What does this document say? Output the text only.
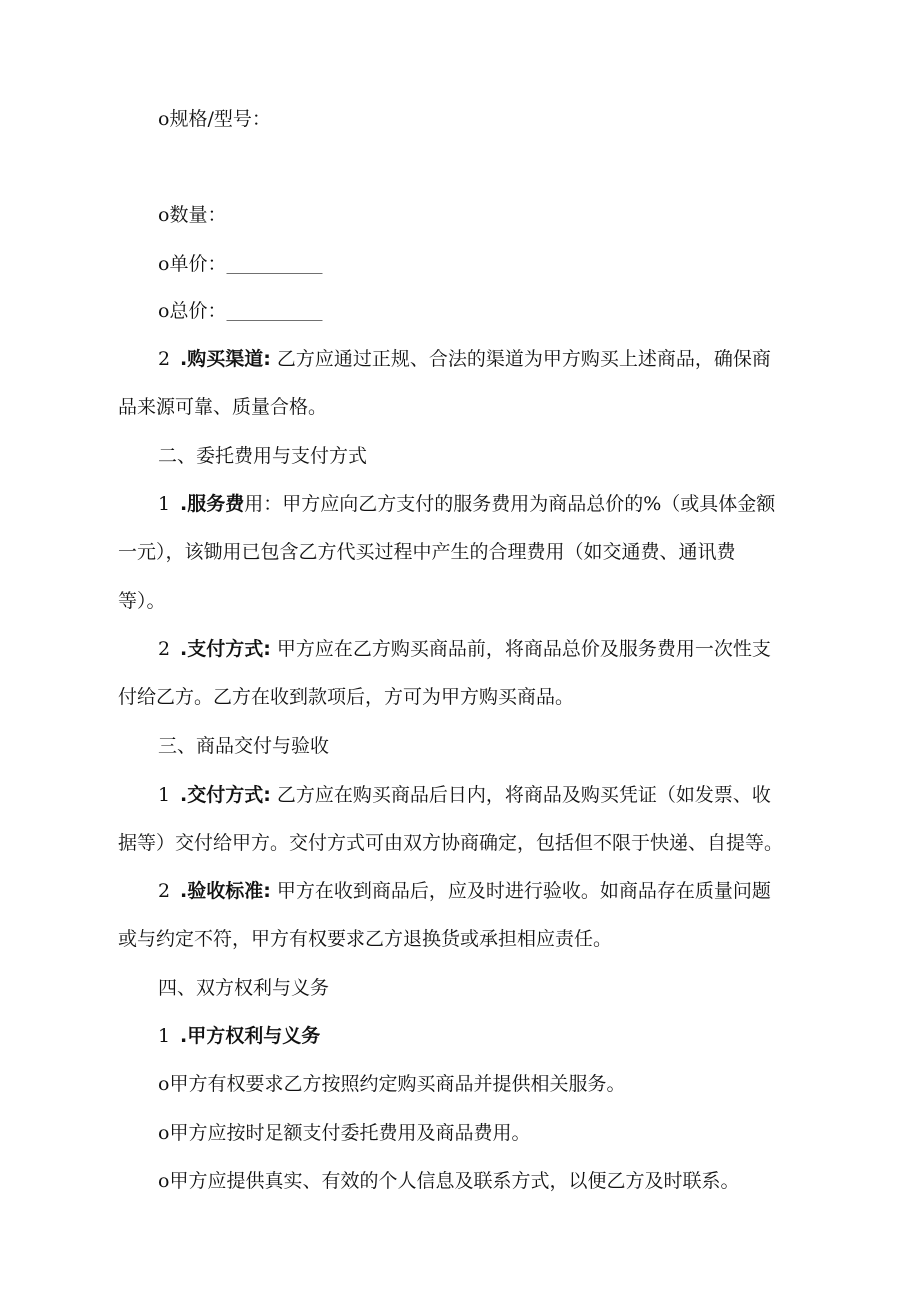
o规格/型号：
o数量：
o单价：____________
o总价：____________
2 .购买渠道: 乙方应通过正规、合法的渠道为甲方购买上述商品，确保商
品来源可靠、质量合格。
二、委托费用与支付方式
1 .服务费用：甲方应向乙方支付的服务费用为商品总价的%（或具体金额
一元），该锄用已包含乙方代买过程中产生的合理费用（如交通费、通讯费
等）。
2 .支付方式: 甲方应在乙方购买商品前，将商品总价及服务费用一次性支
付给乙方。乙方在收到款项后，方可为甲方购买商品。
三、商品交付与验收
1 .交付方式: 乙方应在购买商品后日内，将商品及购买凭证（如发票、收
据等）交付给甲方。交付方式可由双方协商确定，包括但不限于快递、自提等。
2 .验收标准: 甲方在收到商品后，应及时进行验收。如商品存在质量问题
或与约定不符，甲方有权要求乙方退换货或承担相应责任。
四、双方权利与义务
1 .甲方权利与义务
o甲方有权要求乙方按照约定购买商品并提供相关服务。
o甲方应按时足额支付委托费用及商品费用。
o甲方应提供真实、有效的个人信息及联系方式，以便乙方及时联系。
